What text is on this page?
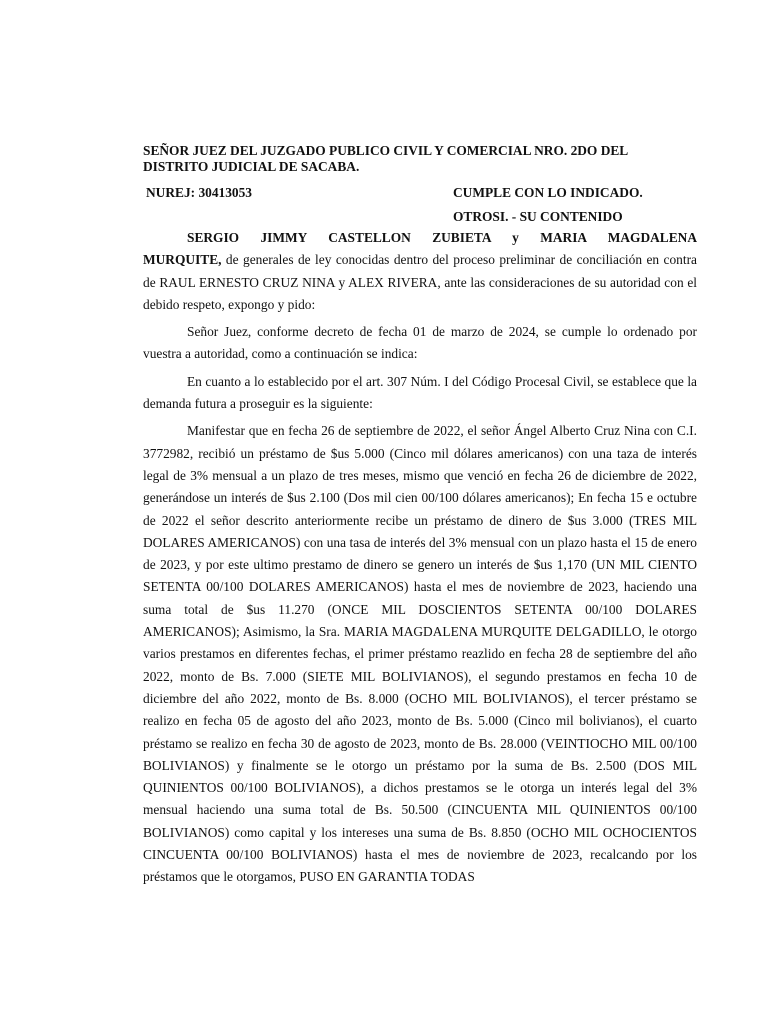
SEÑOR JUEZ DEL JUZGADO PUBLICO CIVIL Y COMERCIAL NRO. 2DO DEL
DISTRITO JUDICIAL DE SACABA.
NUREJ: 30413053	CUMPLE CON LO INDICADO.
OTROSI. - SU CONTENIDO
SERGIO JIMMY CASTELLON ZUBIETA y MARIA MAGDALENA
MURQUITE, de generales de ley conocidas dentro del proceso preliminar de conciliación en contra de RAUL ERNESTO CRUZ NINA y ALEX RIVERA, ante las consideraciones de su autoridad con el debido respeto, expongo y pido:

Señor Juez, conforme decreto de fecha 01 de marzo de 2024, se cumple lo ordenado por vuestra a autoridad, como a continuación se indica:

En cuanto a lo establecido por el art. 307 Núm. I del Código Procesal Civil, se establece que la demanda futura a proseguir es la siguiente:

Manifestar que en fecha 26 de septiembre de 2022, el señor Ángel Alberto Cruz Nina con C.I. 3772982, recibió un préstamo de $us 5.000 (Cinco mil dólares americanos) con una taza de interés legal de 3% mensual a un plazo de tres meses, mismo que venció en fecha 26 de diciembre de 2022, generándose un interés de $us 2.100 (Dos mil cien 00/100 dólares americanos); En fecha 15 e octubre de 2022 el señor descrito anteriormente recibe un préstamo de dinero de $us 3.000 (TRES MIL DOLARES AMERICANOS) con una tasa de interés del 3% mensual con un plazo hasta el 15 de enero de 2023, y por este ultimo prestamo de dinero se genero un interés de $us 1,170 (UN MIL CIENTO SETENTA 00/100 DOLARES AMERICANOS) hasta el mes de noviembre de 2023, haciendo una suma total de $us 11.270 (ONCE MIL DOSCIENTOS SETENTA 00/100 DOLARES AMERICANOS); Asimismo, la Sra. MARIA MAGDALENA MURQUITE DELGADILLO, le otorgo varios prestamos en diferentes fechas, el primer préstamo reazlido en fecha 28 de septiembre del año 2022, monto de Bs. 7.000 (SIETE MIL BOLIVIANOS), el segundo prestamos en fecha 10 de diciembre del año 2022, monto de Bs. 8.000 (OCHO MIL BOLIVIANOS), el tercer préstamo se realizo en fecha 05 de agosto del año 2023, monto de Bs. 5.000 (Cinco mil bolivianos), el cuarto préstamo se realizo en fecha 30 de agosto de 2023, monto de Bs. 28.000 (VEINTIOCHO MIL 00/100 BOLIVIANOS) y finalmente se le otorgo un préstamo por la suma de Bs. 2.500 (DOS MIL QUINIENTOS 00/100 BOLIVIANOS), a dichos prestamos se le otorga un interés legal del 3% mensual haciendo una suma total de Bs. 50.500 (CINCUENTA MIL QUINIENTOS 00/100 BOLIVIANOS) como capital y los intereses una suma de Bs. 8.850 (OCHO MIL OCHOCIENTOS CINCUENTA 00/100 BOLIVIANOS) hasta el mes de noviembre de 2023, recalcando por los préstamos que le otorgamos, PUSO EN GARANTIA TODAS
